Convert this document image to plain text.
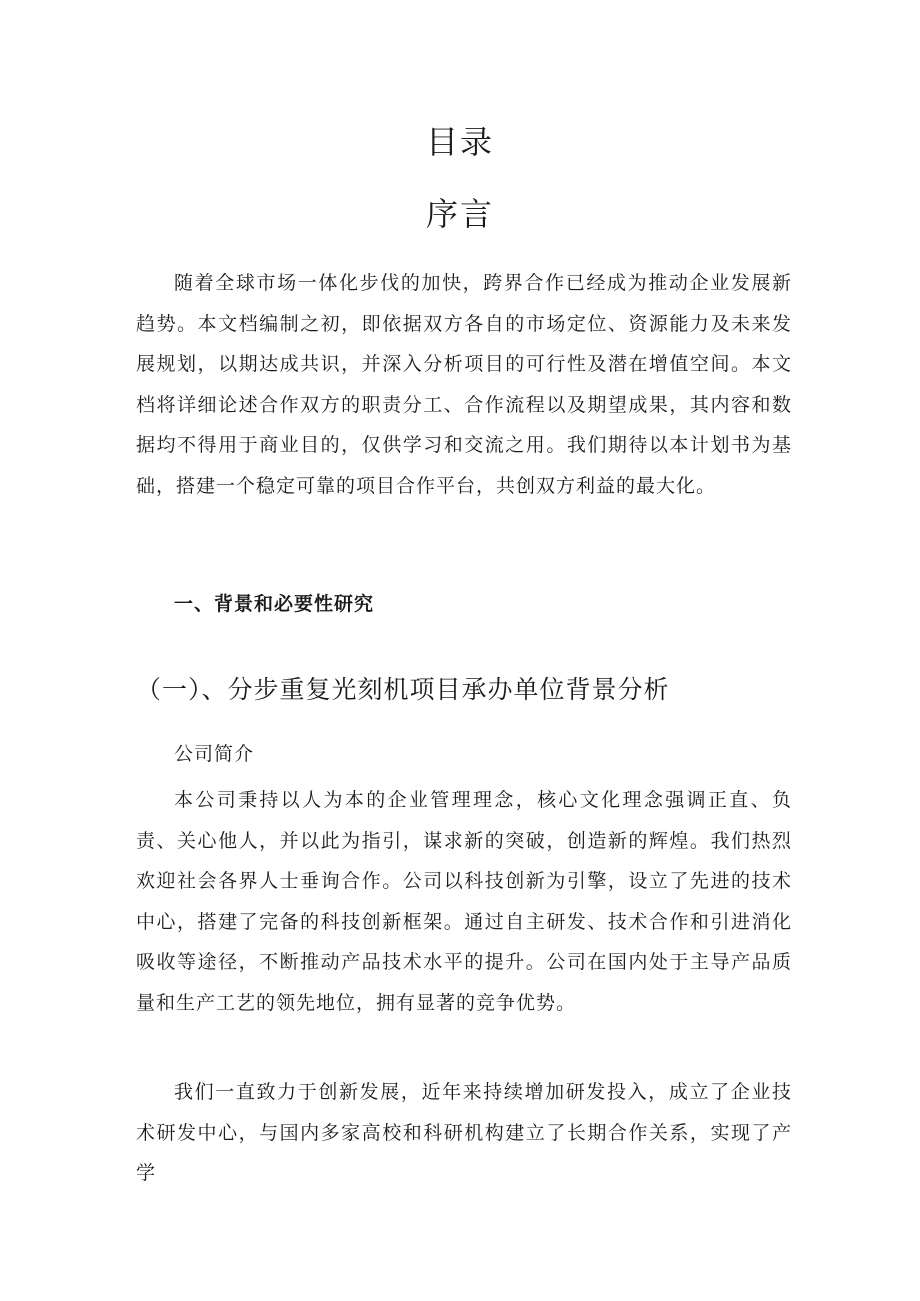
目录
序言

随着全球市场一体化步伐的加快，跨界合作已经成为推动企业发展新趋势。本文档编制之初，即依据双方各自的市场定位、资源能力及未来发展规划，以期达成共识，并深入分析项目的可行性及潜在增值空间。本文档将详细论述合作双方的职责分工、合作流程以及期望成果，其内容和数据均不得用于商业目的，仅供学习和交流之用。我们期待以本计划书为基础，搭建一个稳定可靠的项目合作平台，共创双方利益的最大化。

一、背景和必要性研究
（一）、分步重复光刻机项目承办单位背景分析
公司简介

本公司秉持以人为本的企业管理理念，核心文化理念强调正直、负责、关心他人，并以此为指引，谋求新的突破，创造新的辉煌。我们热烈欢迎社会各界人士垂询合作。公司以科技创新为引擎，设立了先进的技术中心，搭建了完备的科技创新框架。通过自主研发、技术合作和引进消化吸收等途径，不断推动产品技术水平的提升。公司在国内处于主导产品质量和生产工艺的领先地位，拥有显著的竞争优势。

我们一直致力于创新发展，近年来持续增加研发投入，成立了企业技术研发中心，与国内多家高校和科研机构建立了长期合作关系，实现了产学
